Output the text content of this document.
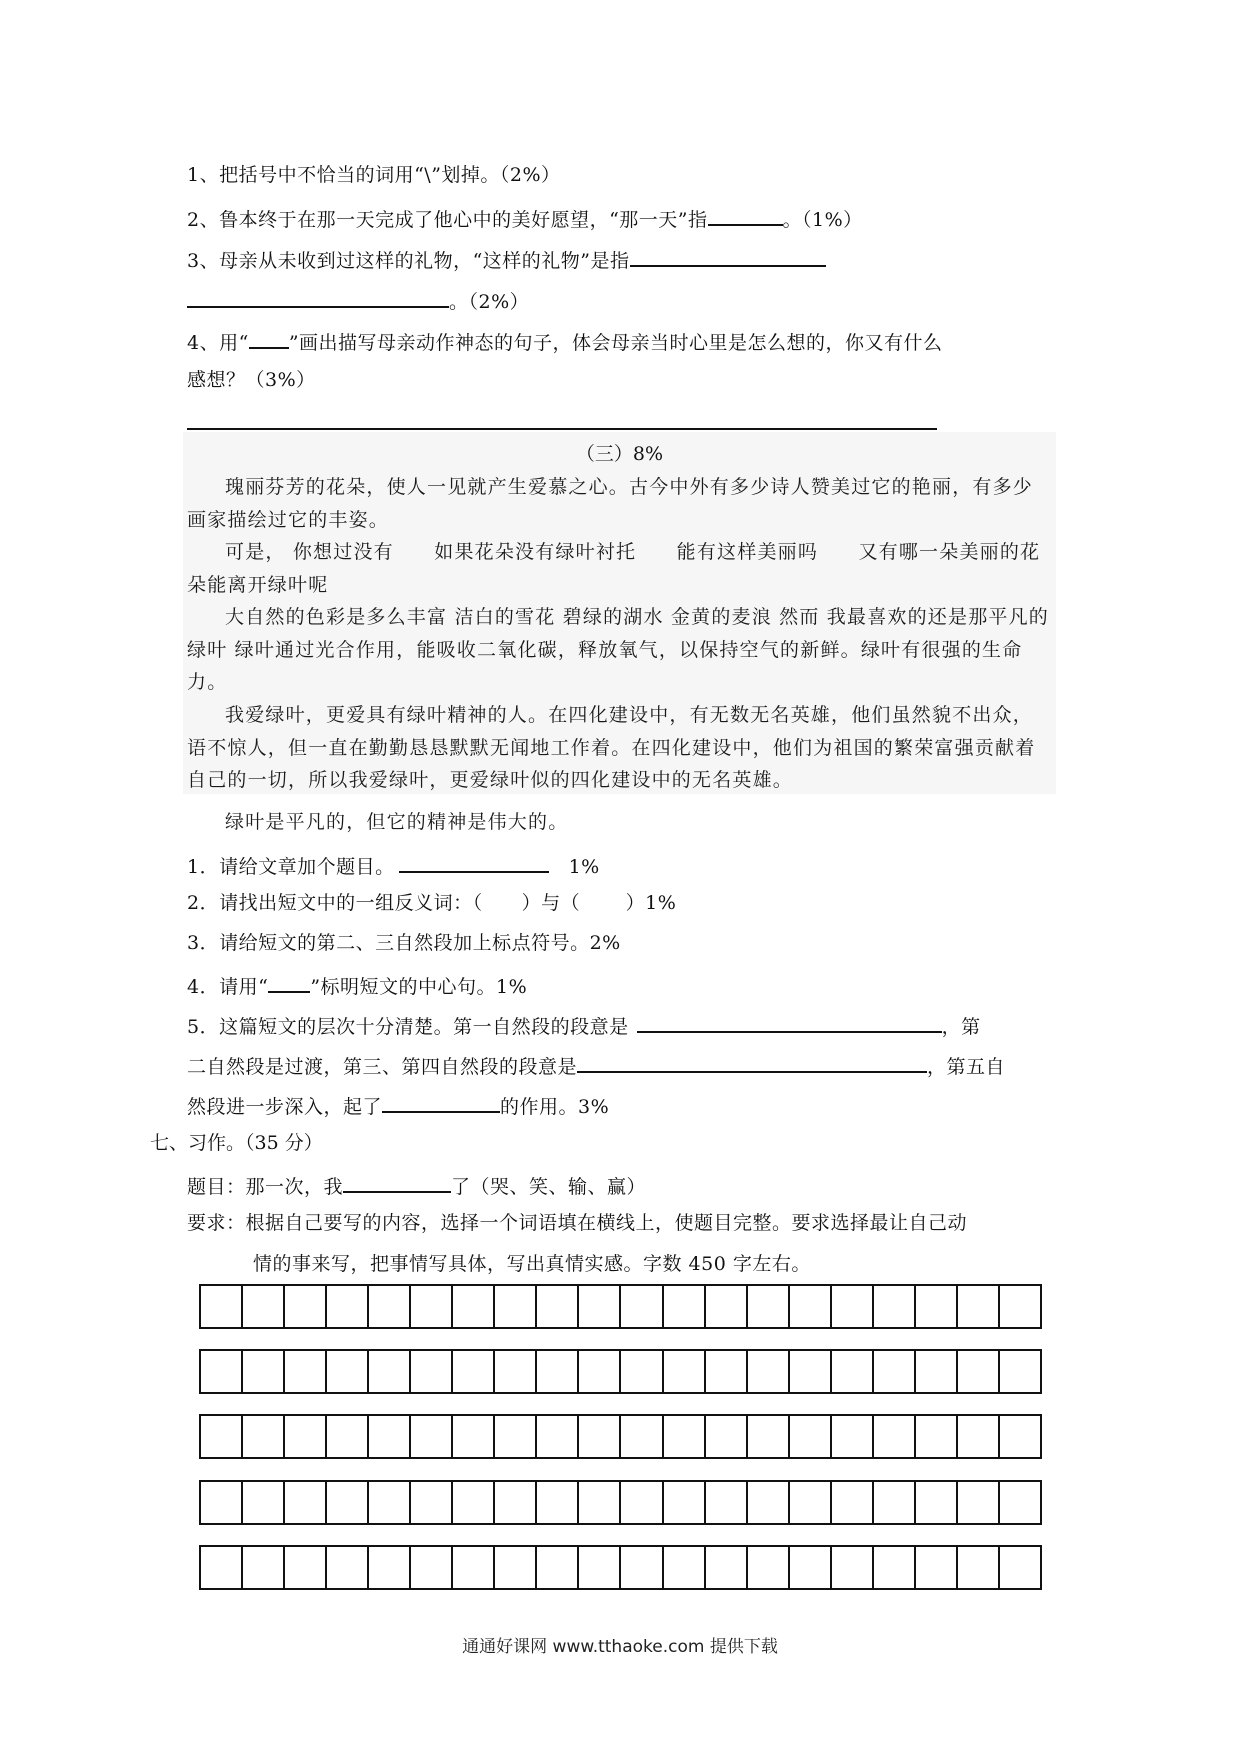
1、把括号中不恰当的词用“\”划掉。（2%）
2、鲁本终于在那一天完成了他心中的美好愿望，“那一天”指	。（1%）
3、母亲从未收到过这样的礼物，“这样的礼物”是指
。（2%）
4、用“ ”画出描写母亲动作神态的句子，体会母亲当时心里是怎么想的，你又有什么
感想？（3%）
（三）8%
瑰丽芬芳的花朵，使人一见就产生爱慕之心。古今中外有多少诗人赞美过它的艳丽，有多少画家描绘过它的丰姿。
可是， 你想过没有　　如果花朵没有绿叶衬托　　能有这样美丽吗　　又有哪一朵美丽的花朵能离开绿叶呢
大自然的色彩是多么丰富 洁白的雪花 碧绿的湖水 金黄的麦浪 然而 我最喜欢的还是那平凡的绿叶 绿叶通过光合作用，能吸收二氧化碳，释放氧气，以保持空气的新鲜。绿叶有很强的生命力。
我爱绿叶，更爱具有绿叶精神的人。在四化建设中，有无数无名英雄，他们虽然貌不出众，语不惊人，但一直在勤勤恳恳默默无闻地工作着。在四化建设中，他们为祖国的繁荣富强贡献着自己的一切，所以我爱绿叶，更爱绿叶似的四化建设中的无名英雄。
绿叶是平凡的，但它的精神是伟大的。
1．请给文章加个题目。	1%
2．请找出短文中的一组反义词：（　　）与（　　 ）1%
3．请给短文的第二、三自然段加上标点符号。2%
4．请用“ ”标明短文的中心句。1%
5．这篇短文的层次十分清楚。第一自然段的段意是	，第
二自然段是过渡，第三、第四自然段的段意是	，第五自
然段进一步深入，起了	的作用。3%
七、习作。（35 分）
题目：那一次，我	了（哭、笑、输、赢）
要求：根据自己要写的内容，选择一个词语填在横线上，使题目完整。要求选择最让自己动
情的事来写，把事情写具体，写出真情实感。字数 450 字左右。
通通好课网 www.tthaoke.com 提供下载
